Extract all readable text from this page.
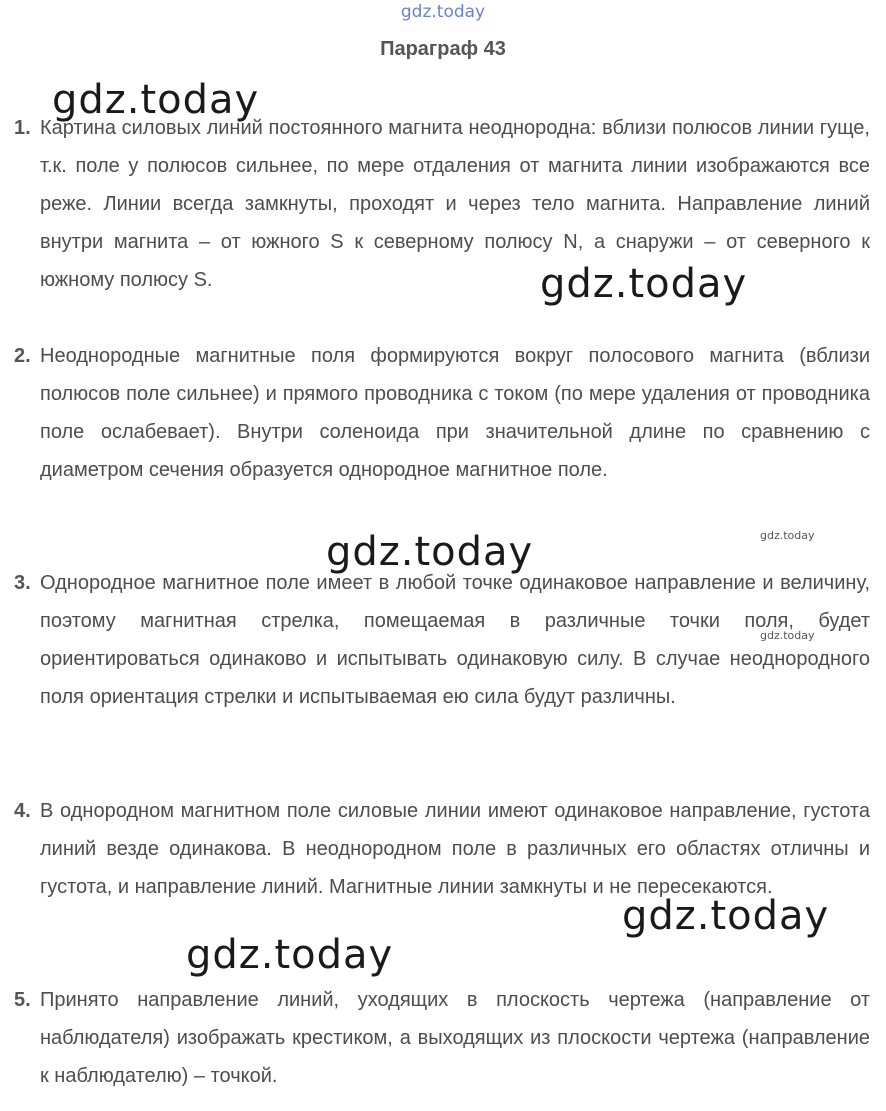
gdz.today
Параграф 43
1. Картина силовых линий постоянного магнита неоднородна: вблизи полюсов линии гуще, т.к. поле у полюсов сильнее, по мере отдаления от магнита линии изображаются все реже. Линии всегда замкнуты, проходят и через тело магнита. Направление линий внутри магнита – от южного S к северному полюсу N, а снаружи – от северного к южному полюсу S.
2. Неоднородные магнитные поля формируются вокруг полосового магнита (вблизи полюсов поле сильнее) и прямого проводника с током (по мере удаления от проводника поле ослабевает). Внутри соленоида при значительной длине по сравнению с диаметром сечения образуется однородное магнитное поле.
3. Однородное магнитное поле имеет в любой точке одинаковое направление и величину, поэтому магнитная стрелка, помещаемая в различные точки поля, будет ориентироваться одинаково и испытывать одинаковую силу. В случае неоднородного поля ориентация стрелки и испытываемая ею сила будут различны.
4. В однородном магнитном поле силовые линии имеют одинаковое направление, густота линий везде одинакова. В неоднородном поле в различных его областях отличны и густота, и направление линий. Магнитные линии замкнуты и не пересекаются.
5. Принято направление линий, уходящих в плоскость чертежа (направление от наблюдателя) изображать крестиком, а выходящих из плоскости чертежа (направление к наблюдателю) – точкой.
gdz.today
gdz.today
gdz.today
gdz.today
gdz.today
gdz.today
gdz.today
